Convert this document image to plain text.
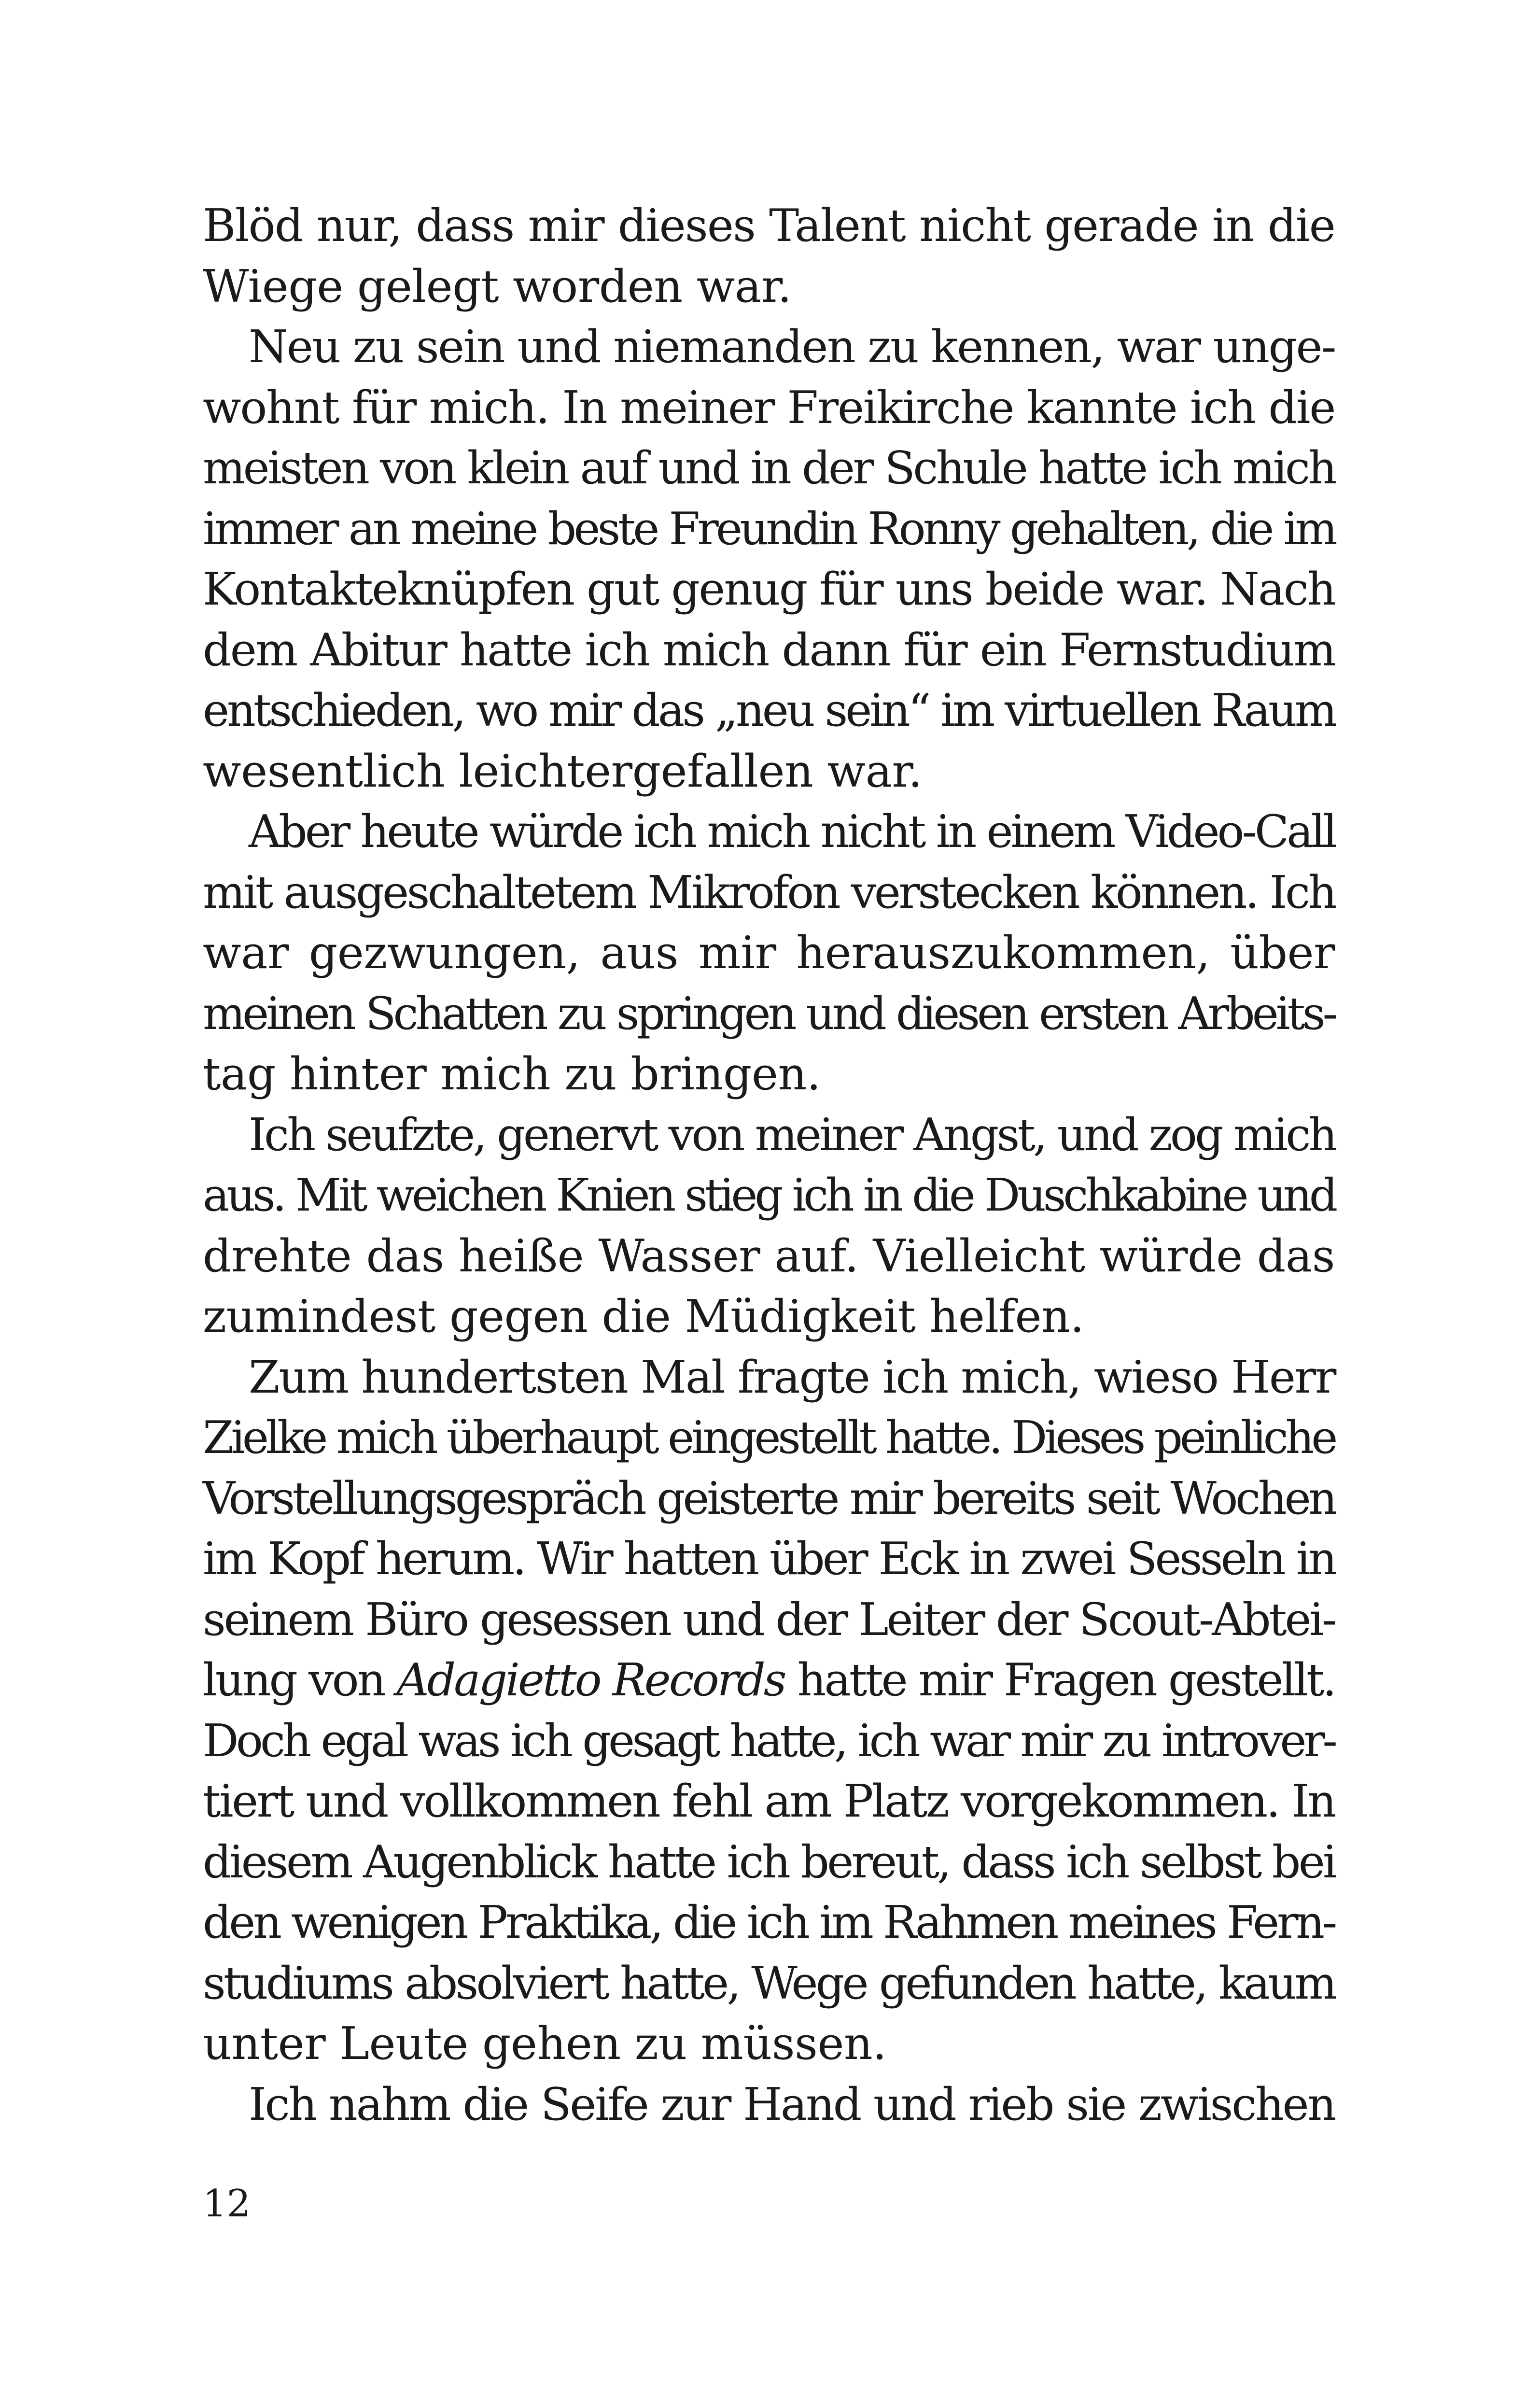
Blöd nur, dass mir dieses Talent nicht gerade in die
Wiege gelegt worden war.
Neu zu sein und niemanden zu kennen, war unge-
wohnt für mich. In meiner Freikirche kannte ich die
meisten von klein auf und in der Schule hatte ich mich
immer an meine beste Freundin Ronny gehalten, die im
Kontakteknüpfen gut genug für uns beide war. Nach
dem Abitur hatte ich mich dann für ein Fernstudium
entschieden, wo mir das „neu sein“ im virtuellen Raum
wesentlich leichtergefallen war.
Aber heute würde ich mich nicht in einem Video-Call
mit ausgeschaltetem Mikrofon verstecken können. Ich
war gezwungen, aus mir herauszukommen, über
meinen Schatten zu springen und diesen ersten Arbeits-
tag hinter mich zu bringen.
Ich seufzte, genervt von meiner Angst, und zog mich
aus. Mit weichen Knien stieg ich in die Duschkabine und
drehte das heiße Wasser auf. Vielleicht würde das
zumindest gegen die Müdigkeit helfen.
Zum hundertsten Mal fragte ich mich, wieso Herr
Zielke mich überhaupt eingestellt hatte. Dieses peinliche
Vorstellungsgespräch geisterte mir bereits seit Wochen
im Kopf herum. Wir hatten über Eck in zwei Sesseln in
seinem Büro gesessen und der Leiter der Scout-Abtei-
lung von Adagietto Records hatte mir Fragen gestellt.
Doch egal was ich gesagt hatte, ich war mir zu introver-
tiert und vollkommen fehl am Platz vorgekommen. In
diesem Augenblick hatte ich bereut, dass ich selbst bei
den wenigen Praktika, die ich im Rahmen meines Fern-
studiums absolviert hatte, Wege gefunden hatte, kaum
unter Leute gehen zu müssen.
Ich nahm die Seife zur Hand und rieb sie zwischen
12
